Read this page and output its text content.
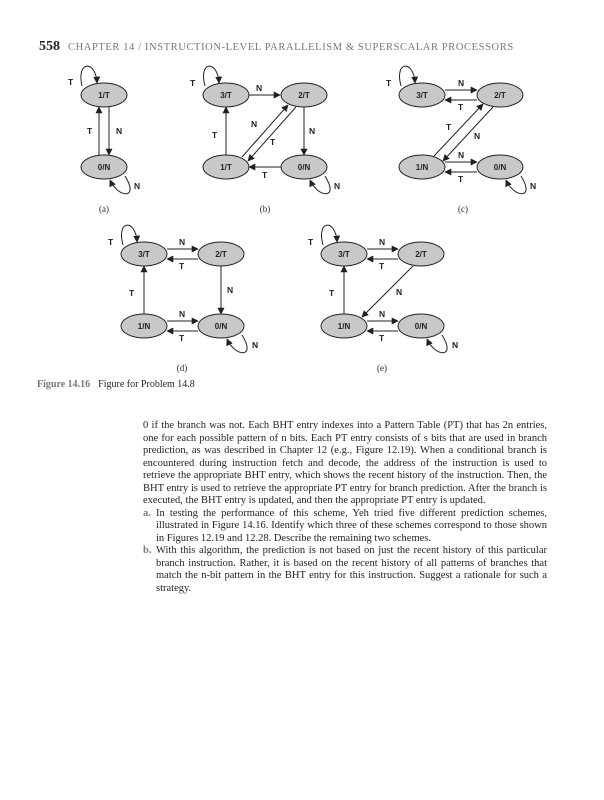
558 CHAPTER 14 / INSTRUCTION-LEVEL PARALLELISM & SUPERSCALAR PROCESSORS
1/T
0/N
T
T	N
N
(a)
3/T	2/T
1/T	0/N
T	N
N
T
N
T
T
N
(b)
3/T	2/T
1/N	0/N
T	N
T
T
N
N
T
N
(c)
3/T	2/T
1/N	0/N
T	N
T
T	N
N
T
N
(d)
3/T	2/T
1/N	0/N
T	N
T
T	N
N
T
N
(e)
Figure 14.16 Figure for Problem 14.8

0 if the branch was not. Each BHT entry indexes into a Pattern Table (PT) that has 2n entries, one for each possible pattern of n bits. Each PT entry consists of s bits that are used in branch prediction, as was described in Chapter 12 (e.g., Figure 12.19). When a conditional branch is encountered during instruction fetch and decode, the address of the instruction is used to retrieve the appropriate BHT entry, which shows the recent history of the instruction. Then, the BHT entry is used to retrieve the appropriate PT entry for branch prediction. After the branch is executed, the BHT entry is updated, and then the appropriate PT entry is updated.

a. In testing the performance of this scheme, Yeh tried five different prediction schemes, illustrated in Figure 14.16. Identify which three of these schemes correspond to those shown in Figures 12.19 and 12.28. Describe the remaining two schemes.
b. With this algorithm, the prediction is not based on just the recent history of this particular branch instruction. Rather, it is based on the recent history of all patterns of branches that match the n-bit pattern in the BHT entry for this instruction. Suggest a rationale for such a strategy.
